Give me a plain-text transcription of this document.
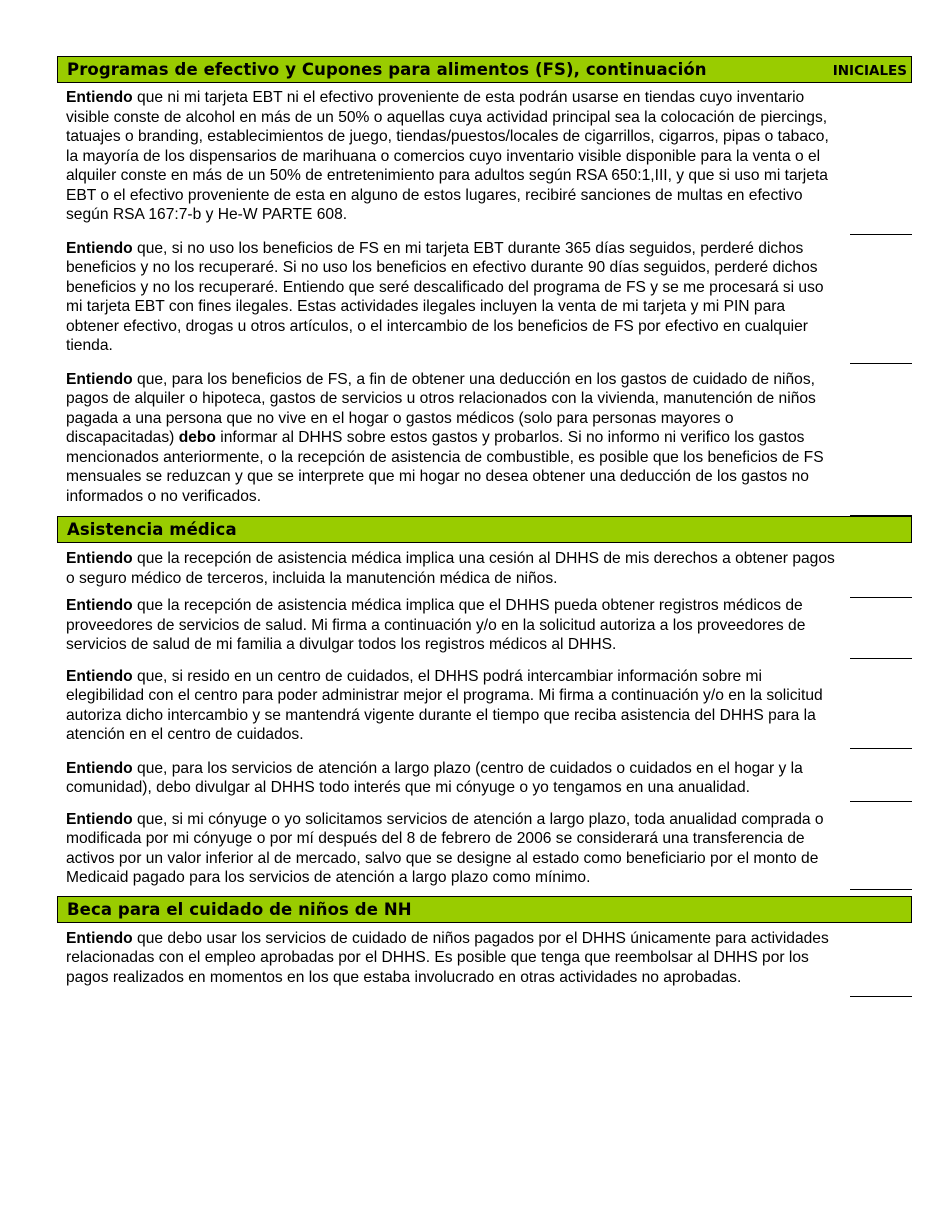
Programas de efectivo y Cupones para alimentos (FS), continuación	INICIALES
Entiendo que ni mi tarjeta EBT ni el efectivo proveniente de esta podrán usarse en tiendas cuyo inventario visible conste de alcohol en más de un 50% o aquellas cuya actividad principal sea la colocación de piercings, tatuajes o branding, establecimientos de juego, tiendas/puestos/locales de cigarrillos, cigarros, pipas o tabaco, la mayoría de los dispensarios de marihuana o comercios cuyo inventario visible disponible para la venta o el alquiler conste en más de un 50% de entretenimiento para adultos según RSA 650:1,III, y que si uso mi tarjeta EBT o el efectivo proveniente de esta en alguno de estos lugares, recibiré sanciones de multas en efectivo según RSA 167:7-b y He-W PARTE 608.
Entiendo que, si no uso los beneficios de FS en mi tarjeta EBT durante 365 días seguidos, perderé dichos beneficios y no los recuperaré. Si no uso los beneficios en efectivo durante 90 días seguidos, perderé dichos beneficios y no los recuperaré. Entiendo que seré descalificado del programa de FS y se me procesará si uso mi tarjeta EBT con fines ilegales. Estas actividades ilegales incluyen la venta de mi tarjeta y mi PIN para obtener efectivo, drogas u otros artículos, o el intercambio de los beneficios de FS por efectivo en cualquier tienda.
Entiendo que, para los beneficios de FS, a fin de obtener una deducción en los gastos de cuidado de niños, pagos de alquiler o hipoteca, gastos de servicios u otros relacionados con la vivienda, manutención de niños pagada a una persona que no vive en el hogar o gastos médicos (solo para personas mayores o discapacitadas) debo informar al DHHS sobre estos gastos y probarlos. Si no informo ni verifico los gastos mencionados anteriormente, o la recepción de asistencia de combustible, es posible que los beneficios de FS mensuales se reduzcan y que se interprete que mi hogar no desea obtener una deducción de los gastos no informados o no verificados.
Asistencia médica
Entiendo que la recepción de asistencia médica implica una cesión al DHHS de mis derechos a obtener pagos o seguro médico de terceros, incluida la manutención médica de niños.
Entiendo que la recepción de asistencia médica implica que el DHHS pueda obtener registros médicos de proveedores de servicios de salud. Mi firma a continuación y/o en la solicitud autoriza a los proveedores de servicios de salud de mi familia a divulgar todos los registros médicos al DHHS.
Entiendo que, si resido en un centro de cuidados, el DHHS podrá intercambiar información sobre mi elegibilidad con el centro para poder administrar mejor el programa. Mi firma a continuación y/o en la solicitud autoriza dicho intercambio y se mantendrá vigente durante el tiempo que reciba asistencia del DHHS para la atención en el centro de cuidados.
Entiendo que, para los servicios de atención a largo plazo (centro de cuidados o cuidados en el hogar y la comunidad), debo divulgar al DHHS todo interés que mi cónyuge o yo tengamos en una anualidad.
Entiendo que, si mi cónyuge o yo solicitamos servicios de atención a largo plazo, toda anualidad comprada o modificada por mi cónyuge o por mí después del 8 de febrero de 2006 se considerará una transferencia de activos por un valor inferior al de mercado, salvo que se designe al estado como beneficiario por el monto de Medicaid pagado para los servicios de atención a largo plazo como mínimo.
Beca para el cuidado de niños de NH
Entiendo que debo usar los servicios de cuidado de niños pagados por el DHHS únicamente para actividades relacionadas con el empleo aprobadas por el DHHS. Es posible que tenga que reembolsar al DHHS por los pagos realizados en momentos en los que estaba involucrado en otras actividades no aprobadas.
